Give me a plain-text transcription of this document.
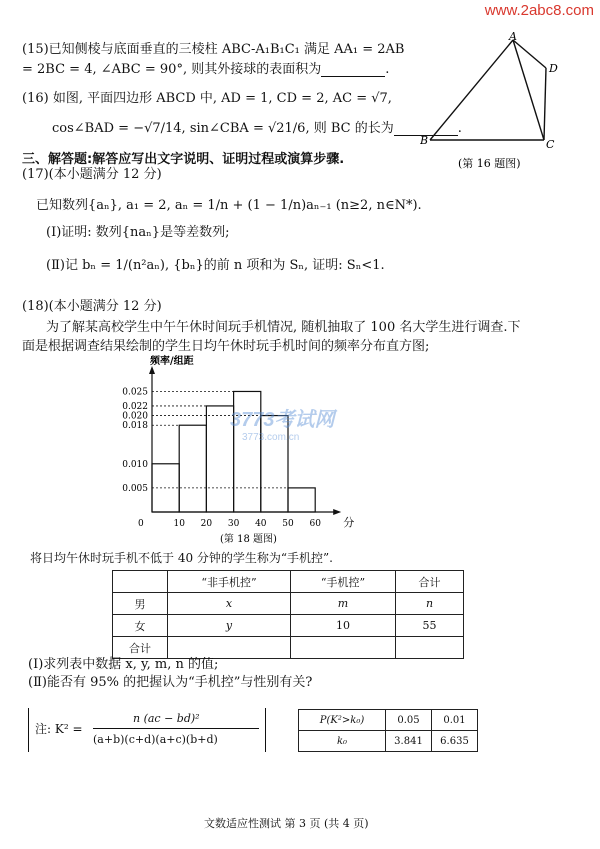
www.2abc8.com
(15)已知侧棱与底面垂直的三棱柱 ABC-A₁B₁C₁ 满足 AA₁ = 2AB
= 2BC = 4, ∠ABC = 90°, 则其外接球的表面积为	.
(16) 如图, 平面四边形 ABCD 中, AD = 1, CD = 2, AC = √7,
cos∠BAD = −√7/14, sin∠CBA = √21/6, 则 BC 的长为	.
A
B	C
D
(第 16 题图)
三、解答题:解答应写出文字说明、证明过程或演算步骤.
(17)(本小题满分 12 分)
已知数列{aₙ}, a₁ = 2, aₙ = 1/n + (1 − 1/n)aₙ₋₁ (n≥2, n∈N*).
(Ⅰ)证明: 数列{naₙ}是等差数列;
(Ⅱ)记 bₙ = 1/(n²aₙ), {bₙ}的前 n 项和为 Sₙ, 证明: Sₙ<1.
(18)(本小题满分 12 分)
为了解某高校学生中午午休时间玩手机情况, 随机抽取了 100 名大学生进行调查.下
面是根据调查结果绘制的学生日均午休时玩手机时间的频率分布直方图;
0.025
0.022
0.020
0.018
0.010
0.005
0	10 20 30 40 50 60 分
频率/组距
3773考试网
3773.com.cn
(第 18 题图)
将日均午休时玩手机不低于 40 分钟的学生称为“手机控”.
	“非手机控”	“手机控”	合计
男	x	m	n
女	y	10	55
合计			
(Ⅰ)求列表中数据 x, y, m, n 的值;
(Ⅱ)能否有 95% 的把握认为“手机控”与性别有关?
注: K² =
n (ac − bd)²
(a+b)(c+d)(a+c)(b+d)
P(K²>k₀)	0.05	0.01
k₀	3.841	6.635
文数适应性测试 第 3 页 (共 4 页)
